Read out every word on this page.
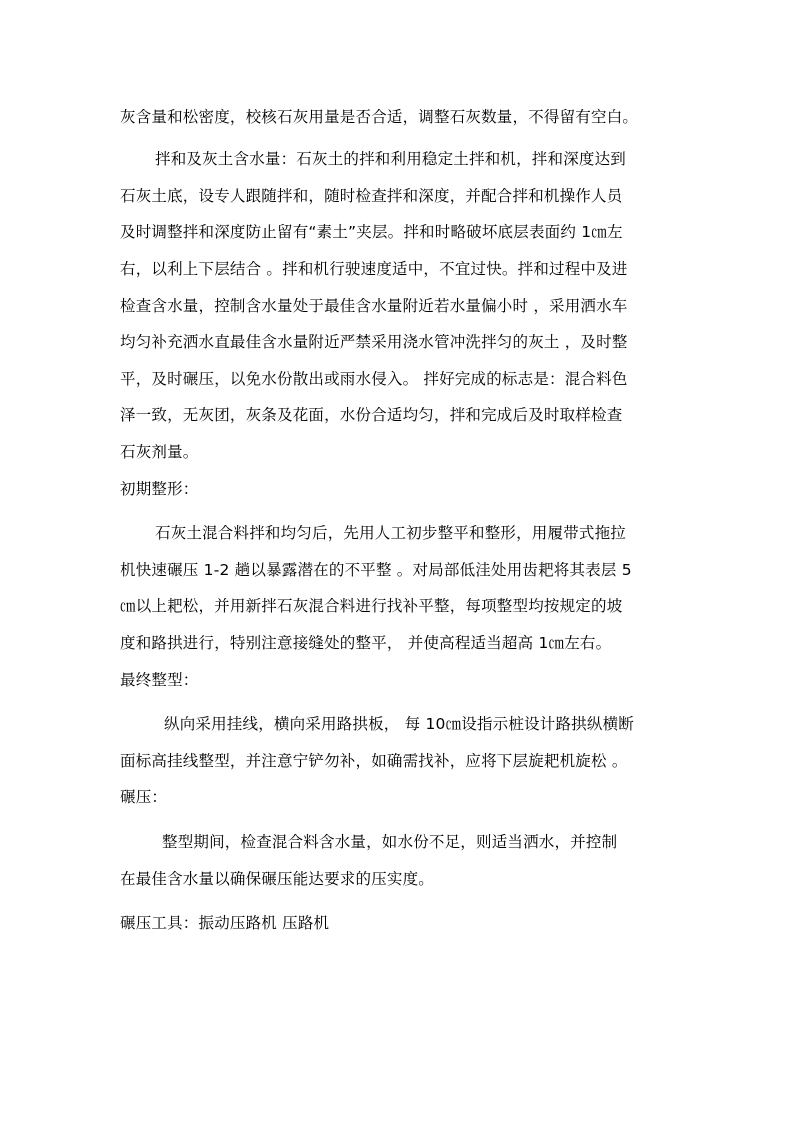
灰含量和松密度，校核石灰用量是否合适，调整石灰数量，不得留有空白。
拌和及灰土含水量：石灰土的拌和利用稳定土拌和机，拌和深度达到
石灰土底，设专人跟随拌和，随时检查拌和深度，并配合拌和机操作人员
及时调整拌和深度防止留有“素土”夹层。拌和时略破坏底层表面约 1㎝左
右，以利上下层结合 。拌和机行驶速度适中，不宜过快。拌和过程中及进
检查含水量，控制含水量处于最佳含水量附近若水量偏小时 ，采用洒水车
均匀补充洒水直最佳含水量附近严禁采用浇水管冲洗拌匀的灰土 ，及时整
平，及时碾压，以免水份散出或雨水侵入。 拌好完成的标志是：混合料色
泽一致，无灰团，灰条及花面，水份合适均匀，拌和完成后及时取样检查
石灰剂量。
初期整形：
石灰土混合料拌和均匀后，先用人工初步整平和整形，用履带式拖拉
机快速碾压 1-2 趟以暴露潜在的不平整 。对局部低洼处用齿耙将其表层 5
㎝以上耙松，并用新拌石灰混合料进行找补平整，每项整型均按规定的坡
度和路拱进行，特别注意接缝处的整平， 并使高程适当超高 1㎝左右。
最终整型：
纵向采用挂线，横向采用路拱板， 每 10㎝设指示桩设计路拱纵横断
面标高挂线整型，并注意宁铲勿补，如确需找补，应将下层旋耙机旋松 。
碾压：
整型期间，检查混合料含水量，如水份不足，则适当洒水，并控制
在最佳含水量以确保碾压能达要求的压实度。
碾压工具：振动压路机 压路机
